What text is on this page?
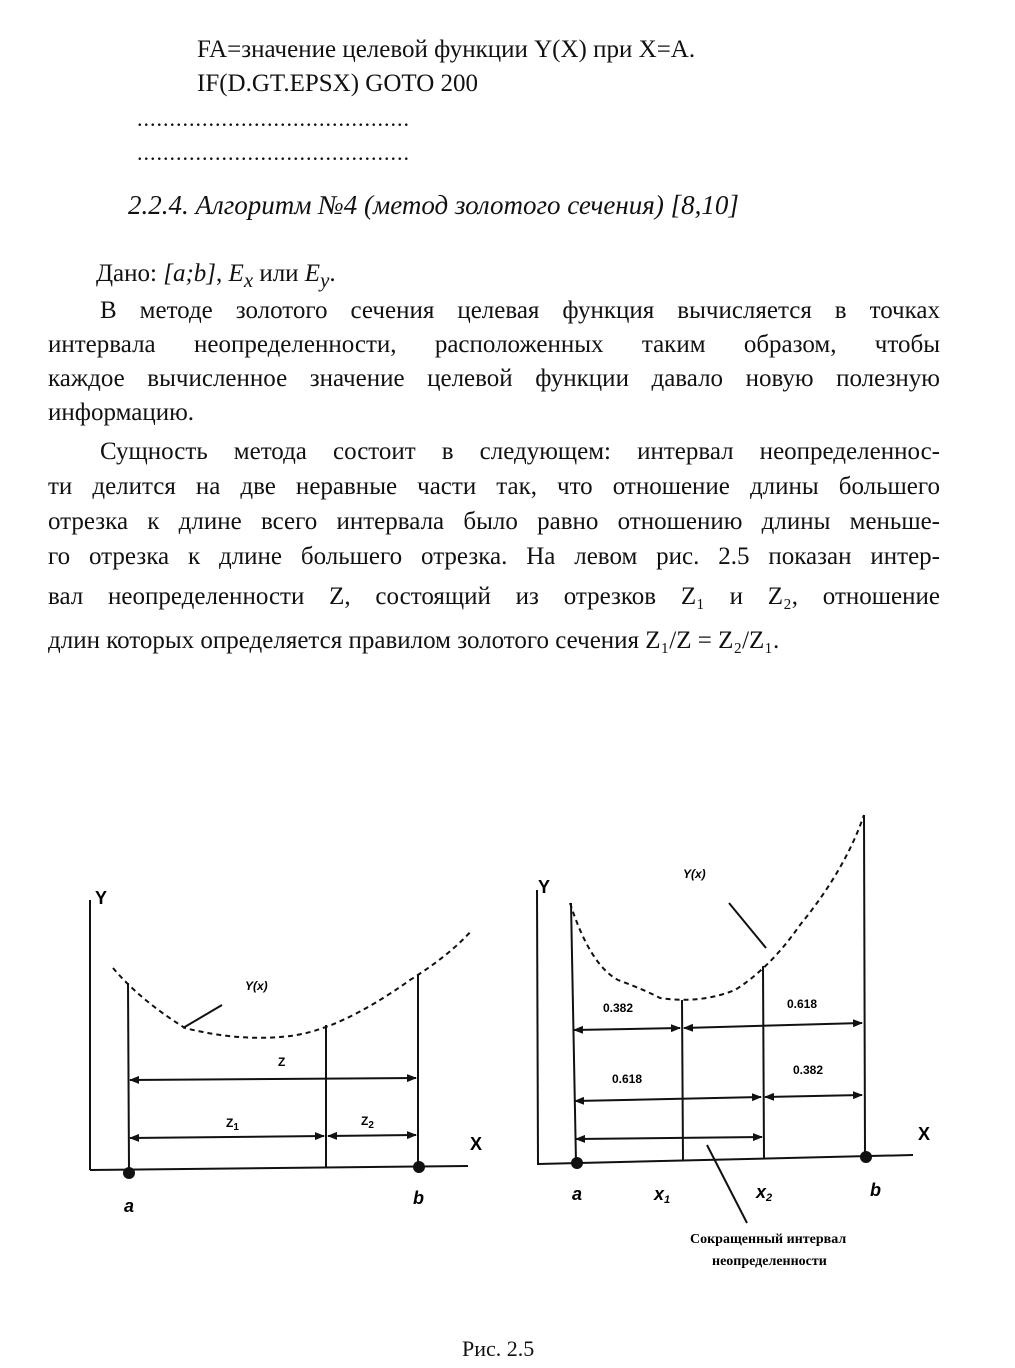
FA=значение целевой функции Y(X) при X=A.
IF(D.GT.EPSX) GOTO 200
..........................................
..........................................
2.2.4. Алгоритм №4 (метод золотого сечения) [8,10]
Дано: [a;b], $E_x$ или $E_y$.
В методе золотого сечения целевая функция вычисляется в точках
интервала неопределенности, расположенных таким образом, чтобы
каждое вычисленное значение целевой функции давало новую полезную
информацию.
Сущность метода состоит в следующем: интервал неопределеннос-
ти делится на две неравные части так, что отношение длины большего
отрезка к длине всего интервала было равно отношению длины меньше-
го отрезка к длине большего отрезка. На левом рис. 2.5 показан интер-
вал неопределенности Z, состоящий из отрезков Z₁ и Z₂, отношение
длин которых определяется правилом золотого сечения Z₁/Z = Z₂/Z₁.
Y
X
Y(x)
Z
$Z_1$	$Z_2$
a	b
Y
X
Y(x)
0.382	0.618
0.618
0.382
a	x1	x2	b
Сокращенный интервал
неопределенности
Рис. 2.5
